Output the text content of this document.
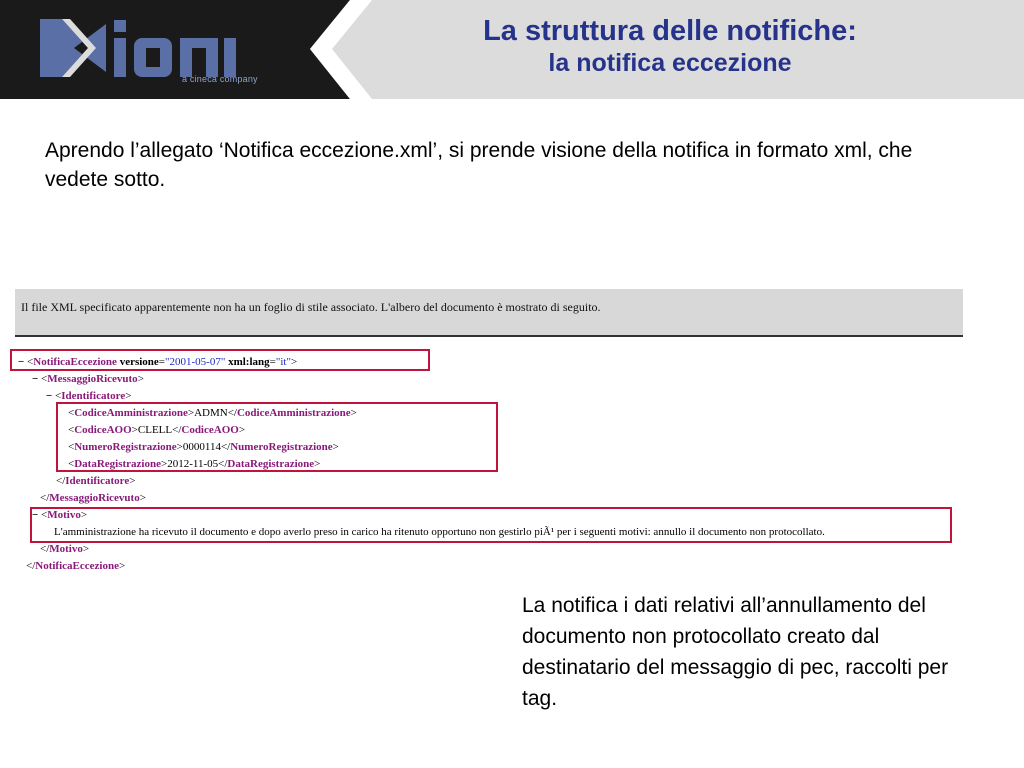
a cineca company
La struttura delle notifiche:
la notifica eccezione
Aprendo l’allegato ‘Notifica eccezione.xml’, si prende visione della notifica in formato xml, che vedete sotto.
Il file XML specificato apparentemente non ha un foglio di stile associato. L'albero del documento è mostrato di seguito.
− <NotificaEccezione versione="2001-05-07" xml:lang="it">
− <MessaggioRicevuto>
− <Identificatore>
<CodiceAmministrazione>ADMN</CodiceAmministrazione>
<CodiceAOO>CLELL</CodiceAOO>
<NumeroRegistrazione>0000114</NumeroRegistrazione>
<DataRegistrazione>2012-11-05</DataRegistrazione>
</Identificatore>
</MessaggioRicevuto>
− <Motivo>
L'amministrazione ha ricevuto il documento e dopo averlo preso in carico ha ritenuto opportuno non gestirlo piÃ¹ per i seguenti motivi: annullo il documento non protocollato.
</Motivo>
</NotificaEccezione>
La notifica i dati relativi all’annullamento del documento non protocollato creato dal destinatario del messaggio di pec, raccolti per tag.
